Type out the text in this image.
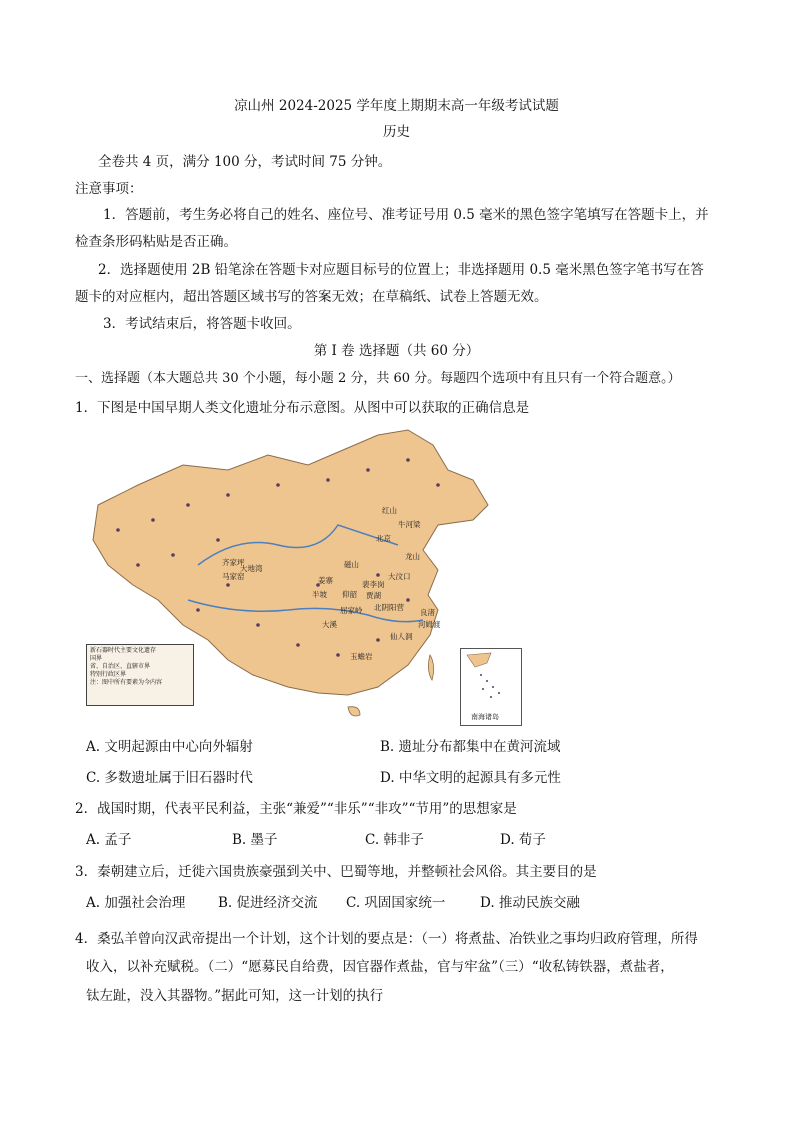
凉山州 2024-2025 学年度上期期末高一年级考试试题
历史
全卷共 4 页，满分 100 分，考试时间 75 分钟。
注意事项：
1．答题前，考生务必将自己的姓名、座位号、准考证号用 0.5 毫米的黑色签字笔填写在答题卡上，并
检查条形码粘贴是否正确。
2．选择题使用 2B 铅笔涂在答题卡对应题目标号的位置上；非选择题用 0.5 毫米黑色签字笔书写在答
题卡的对应框内，超出答题区域书写的答案无效；在草稿纸、试卷上答题无效。
3．考试结束后，将答题卡收回。
第 I 卷 选择题（共 60 分）
一、选择题（本大题总共 30 个小题，每小题 2 分，共 60 分。每题四个选项中有且只有一个符合题意。）
1．下图是中国早期人类文化遗址分布示意图。从图中可以获取的正确信息是
红山
牛河梁
北京
大地湾
齐家坪
马家窑	姜寨
半坡 仰韶
磁山
大汶口
北阴阳营
屈家岭
大溪	河姆渡
仙人洞
玉蟾岩
良渚
裴李岗
贾湖
龙山
新石器时代主要文化遗存
国界
省、自治区、直辖市界
特别行政区界
注：图中所有要素为今内容
南海诸岛
A. 文明起源由中心向外辐射	B. 遗址分布都集中在黄河流域
C. 多数遗址属于旧石器时代	D. 中华文明的起源具有多元性
2．战国时期，代表平民利益，主张“兼爱”“非乐”“非攻”“节用”的思想家是
A. 孟子	B. 墨子	C. 韩非子	D. 荀子
3．秦朝建立后，迁徙六国贵族豪强到关中、巴蜀等地，并整顿社会风俗。其主要目的是
A. 加强社会治理 B. 促进经济交流 C. 巩固国家统一	D. 推动民族交融
4．桑弘羊曾向汉武帝提出一个计划，这个计划的要点是：（一）将煮盐、冶铁业之事均归政府管理，所得
收入，以补充赋税。（二）“愿募民自给费，因官器作煮盐，官与牢盆”（三）“收私铸铁器，煮盐者，
钛左趾，没入其器物。”据此可知，这一计划的执行
